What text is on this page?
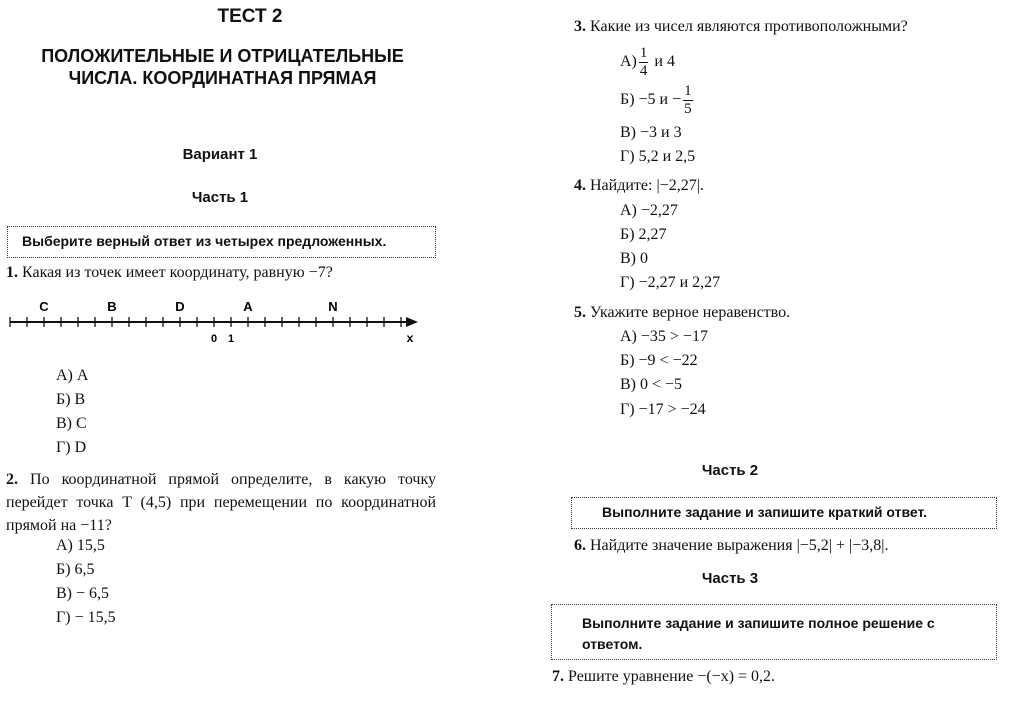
ТЕСТ 2
ПОЛОЖИТЕЛЬНЫЕ И ОТРИЦАТЕЛЬНЫЕ
ЧИСЛА. КООРДИНАТНАЯ ПРЯМАЯ
Вариант 1
Часть 1
Выберите верный ответ из четырех предложенных.
1. Какая из точек имеет координату, равную −7?
C	B	D	A	N
0 1	x
А) A
Б) B
В) C
Г) D
2. По координатной прямой определите, в какую точку перейдет точка T (4,5) при перемещении по координатной прямой на −11?
А) 15,5
Б) 6,5
В) − 6,5
Г) − 15,5
3. Какие из чисел являются противоположными?
$А) \frac{1}{4}$ и 4
Б) −5 $и - \frac{1}{5}$
В) −3 и 3
Г) 5,2 и 2,5
4. Найдите: |−2,27|.
А) −2,27
Б) 2,27
В) 0
Г) −2,27 и 2,27
5. Укажите верное неравенство.
А) −35 > −17
Б) −9 < −22
В) 0 < −5
Г) −17 > −24
Часть 2
Выполните задание и запишите краткий ответ.
6. Найдите значение выражения |−5,2| + |−3,8|.
Часть 3
Выполните задание и запишите полное решение с ответом.
7. Решите уравнение −(−x) = 0,2.
